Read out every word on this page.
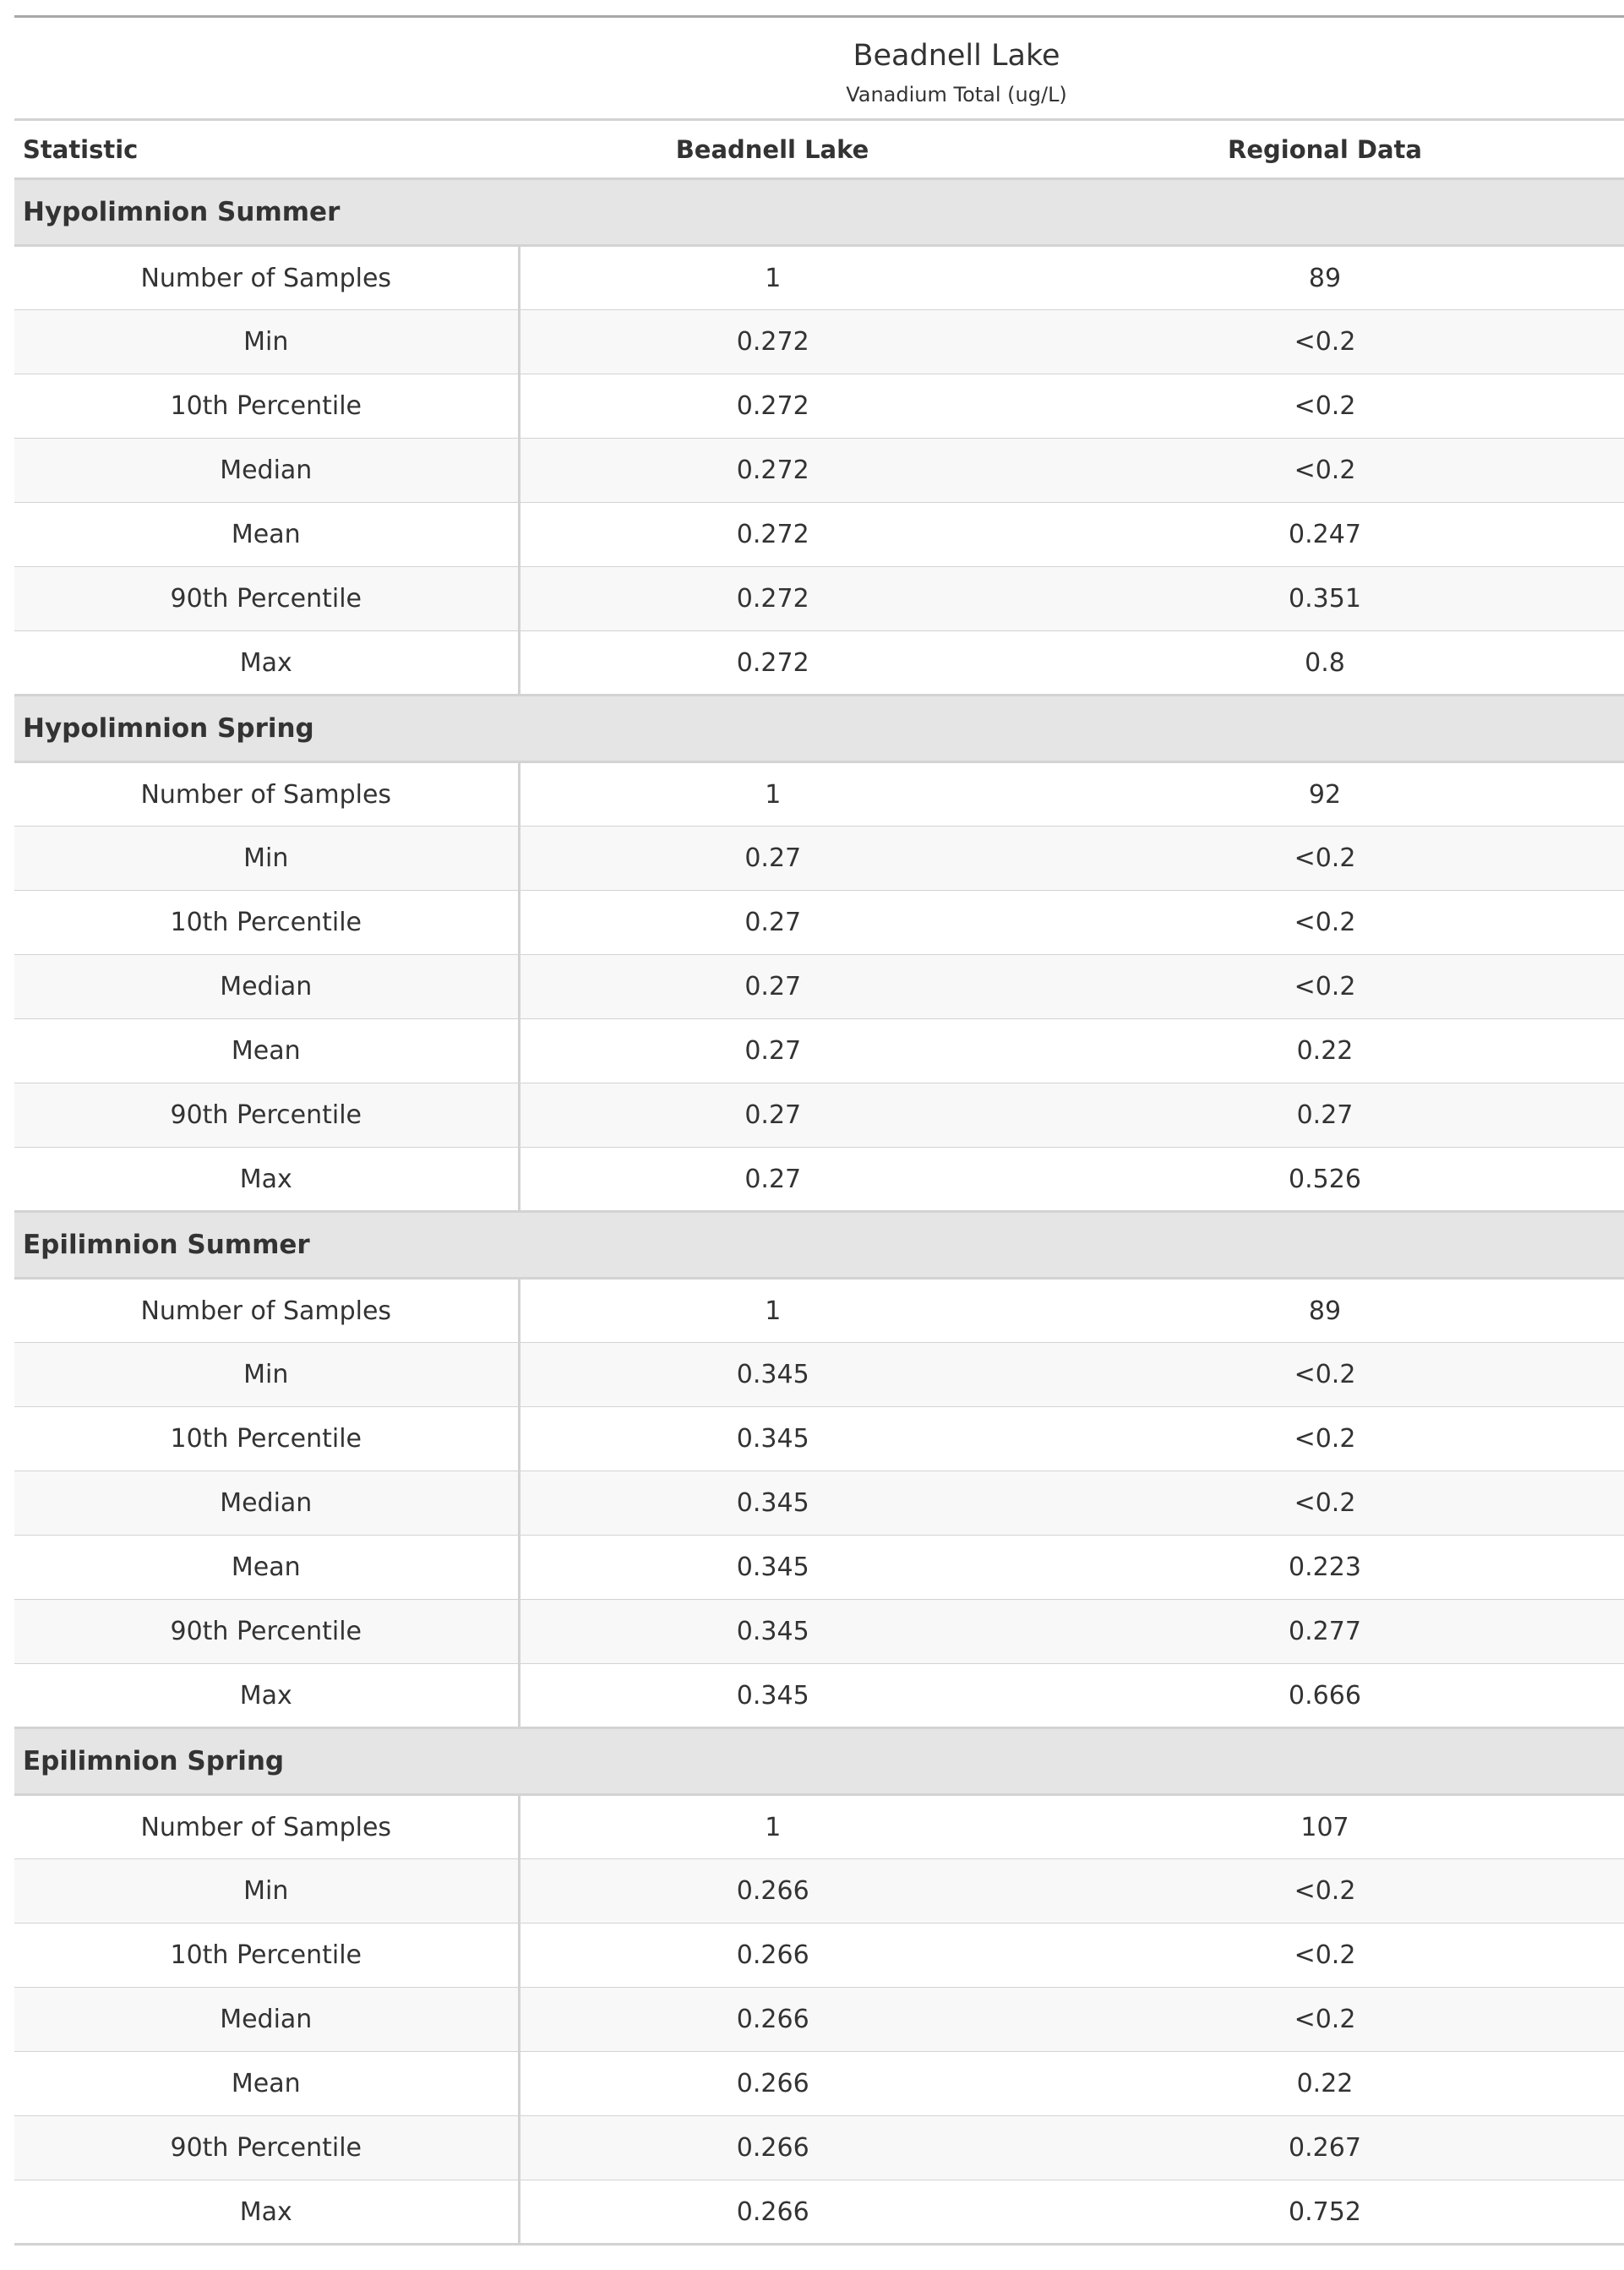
Beadnell Lake		
Vanadium Total (ug/L)		
Statistic	Beadnell Lake	Regional Data
Hypolimnion Summer		
Number of Samples	1	89
Min	0.272	<0.2
10th Percentile	0.272	<0.2
Median	0.272	<0.2
Mean	0.272	0.247
90th Percentile	0.272	0.351
Max	0.272	0.8
Hypolimnion Spring		
Number of Samples	1	92
Min	0.27	<0.2
10th Percentile	0.27	<0.2
Median	0.27	<0.2
Mean	0.27	0.22
90th Percentile	0.27	0.27
Max	0.27	0.526
Epilimnion Summer		
Number of Samples	1	89
Min	0.345	<0.2
10th Percentile	0.345	<0.2
Median	0.345	<0.2
Mean	0.345	0.223
90th Percentile	0.345	0.277
Max	0.345	0.666
Epilimnion Spring		
Number of Samples	1	107
Min	0.266	<0.2
10th Percentile	0.266	<0.2
Median	0.266	<0.2
Mean	0.266	0.22
90th Percentile	0.266	0.267
Max	0.266	0.752
